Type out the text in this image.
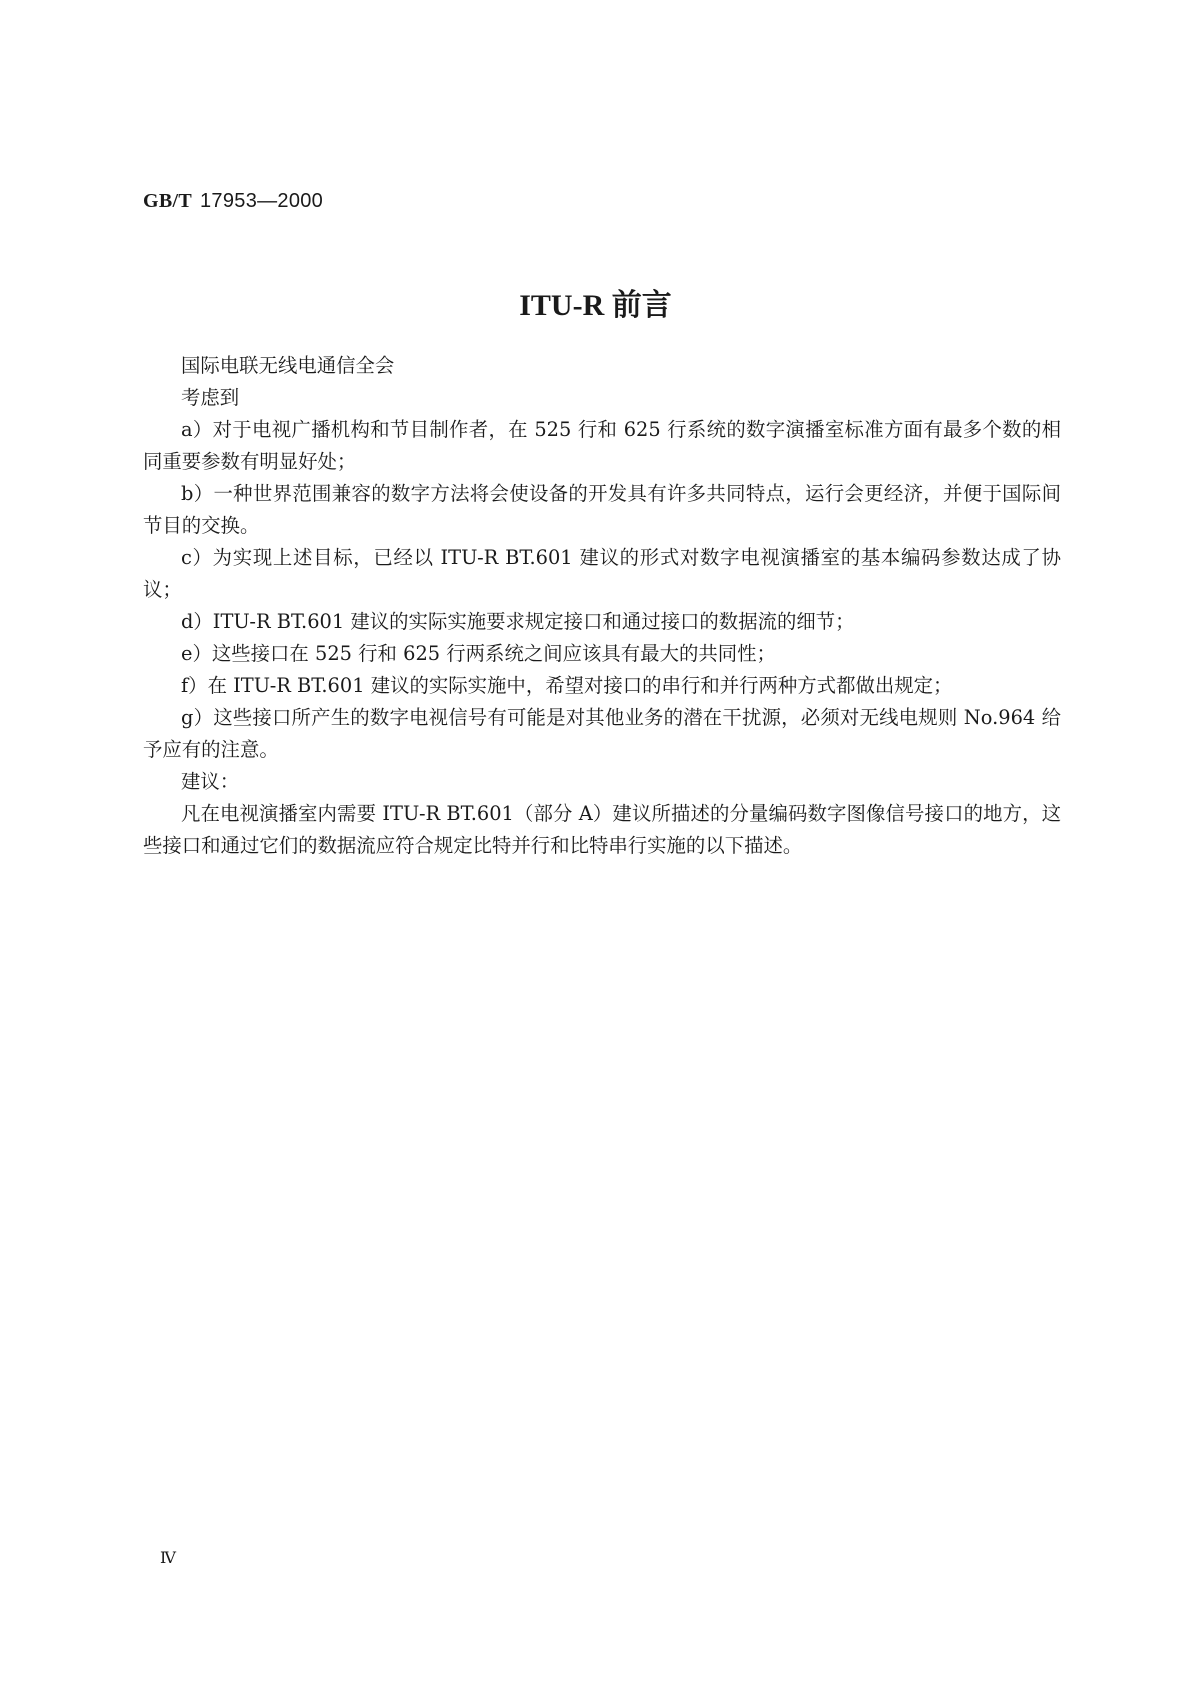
GB/T 17953—2000
ITU-R 前言

国际电联无线电通信全会

考虑到

a）对于电视广播机构和节目制作者，在 525 行和 625 行系统的数字演播室标准方面有最多个数的相同重要参数有明显好处；

b）一种世界范围兼容的数字方法将会使设备的开发具有许多共同特点，运行会更经济，并便于国际间节目的交换。

c）为实现上述目标，已经以 ITU-R BT.601 建议的形式对数字电视演播室的基本编码参数达成了协议；

d）ITU-R BT.601 建议的实际实施要求规定接口和通过接口的数据流的细节；

e）这些接口在 525 行和 625 行两系统之间应该具有最大的共同性；

f）在 ITU-R BT.601 建议的实际实施中，希望对接口的串行和并行两种方式都做出规定；

g）这些接口所产生的数字电视信号有可能是对其他业务的潜在干扰源，必须对无线电规则 No.964 给予应有的注意。

建议：

凡在电视演播室内需要 ITU-R BT.601（部分 A）建议所描述的分量编码数字图像信号接口的地方，这些接口和通过它们的数据流应符合规定比特并行和比特串行实施的以下描述。

Ⅳ
